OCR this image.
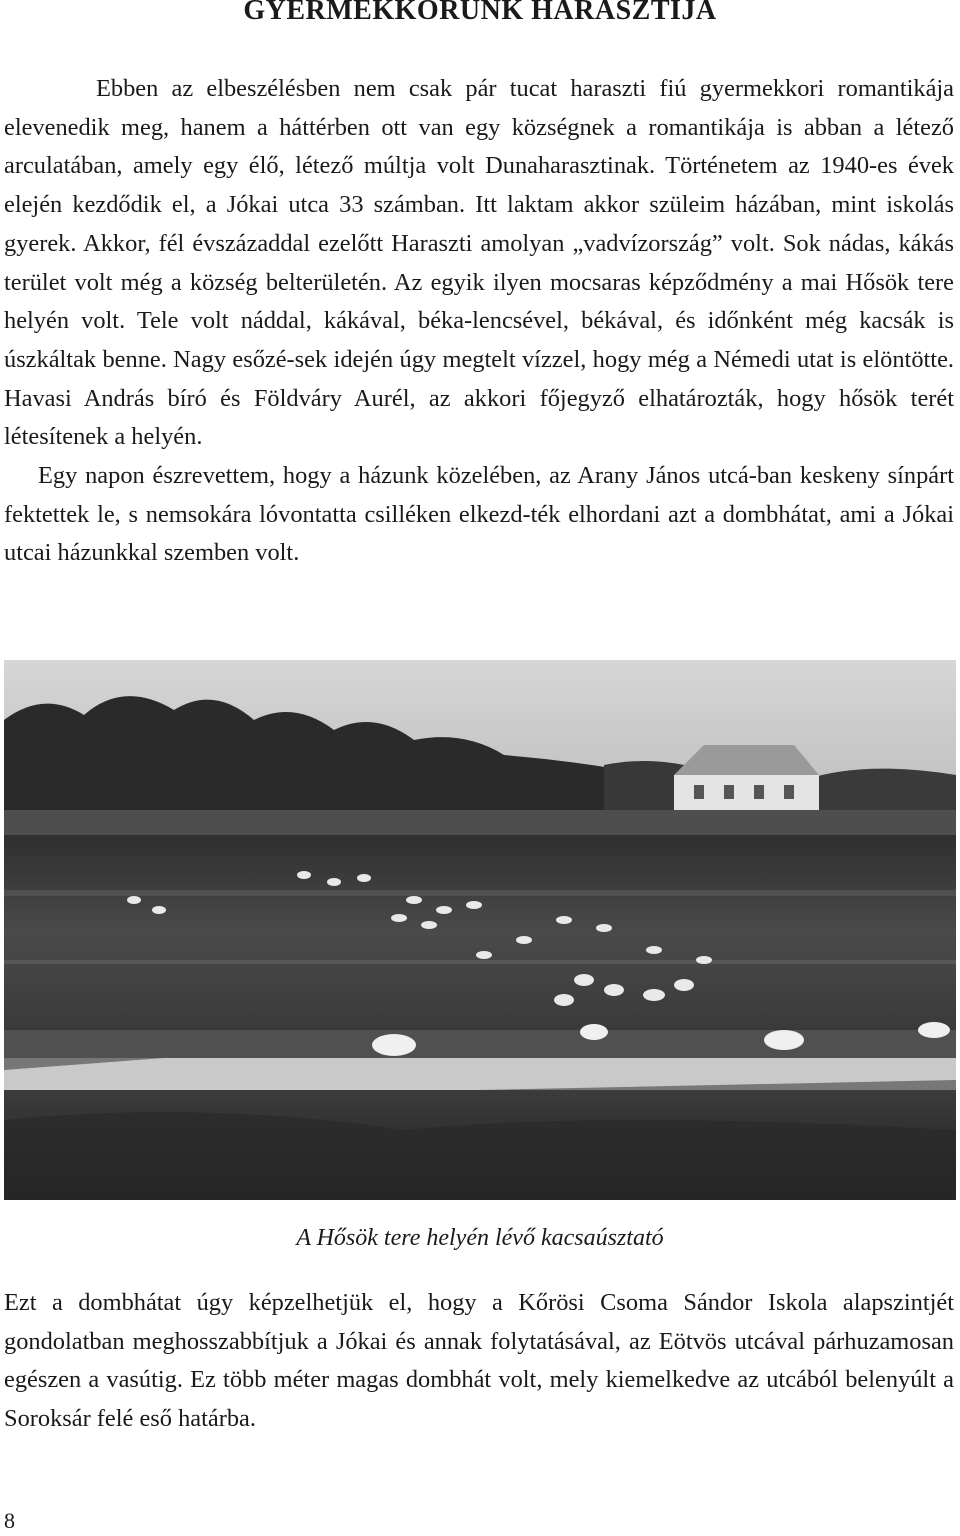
GYERMEKKORUNK HARASZTIJA

Ebben az elbeszélésben nem csak pár tucat haraszti fiú gyermekkori romantikája elevenedik meg, hanem a háttérben ott van egy községnek a romantikája is abban a létező arculatában, amely egy élő, létező múltja volt Dunaharasztinak. Történetem az 1940-es évek elején kezdődik el, a Jókai utca 33 számban. Itt laktam akkor szüleim házában, mint iskolás gyerek. Akkor, fél évszázaddal ezelőtt Haraszti amolyan „vadvízország” volt. Sok nádas, kákás terület volt még a község belterületén. Az egyik ilyen mocsaras képződmény a mai Hősök tere helyén volt. Tele volt náddal, kákával, béka-lencsével, békával, és időnként még kacsák is úszkáltak benne. Nagy esőzé-sek idején úgy megtelt vízzel, hogy még a Némedi utat is elöntötte. Havasi András bíró és Földváry Aurél, az akkori főjegyző elhatározták, hogy hősök terét létesítenek a helyén.

Egy napon észrevettem, hogy a házunk közelében, az Arany János utcá-ban keskeny sínpárt fektettek le, s nemsokára lóvontatta csilléken elkezd-ték elhordani azt a dombhátat, ami a Jókai utcai házunkkal szemben volt.

A Hősök tere helyén lévő kacsaúsztató

Ezt a dombhátat úgy képzelhetjük el, hogy a Kőrösi Csoma Sándor Iskola alapszintjét gondolatban meghosszabbítjuk a Jókai és annak folytatásával, az Eötvös utcával párhuzamosan egészen a vasútig. Ez több méter magas dombhát volt, mely kiemelkedve az utcából belenyúlt a Soroksár felé eső határba.

8
